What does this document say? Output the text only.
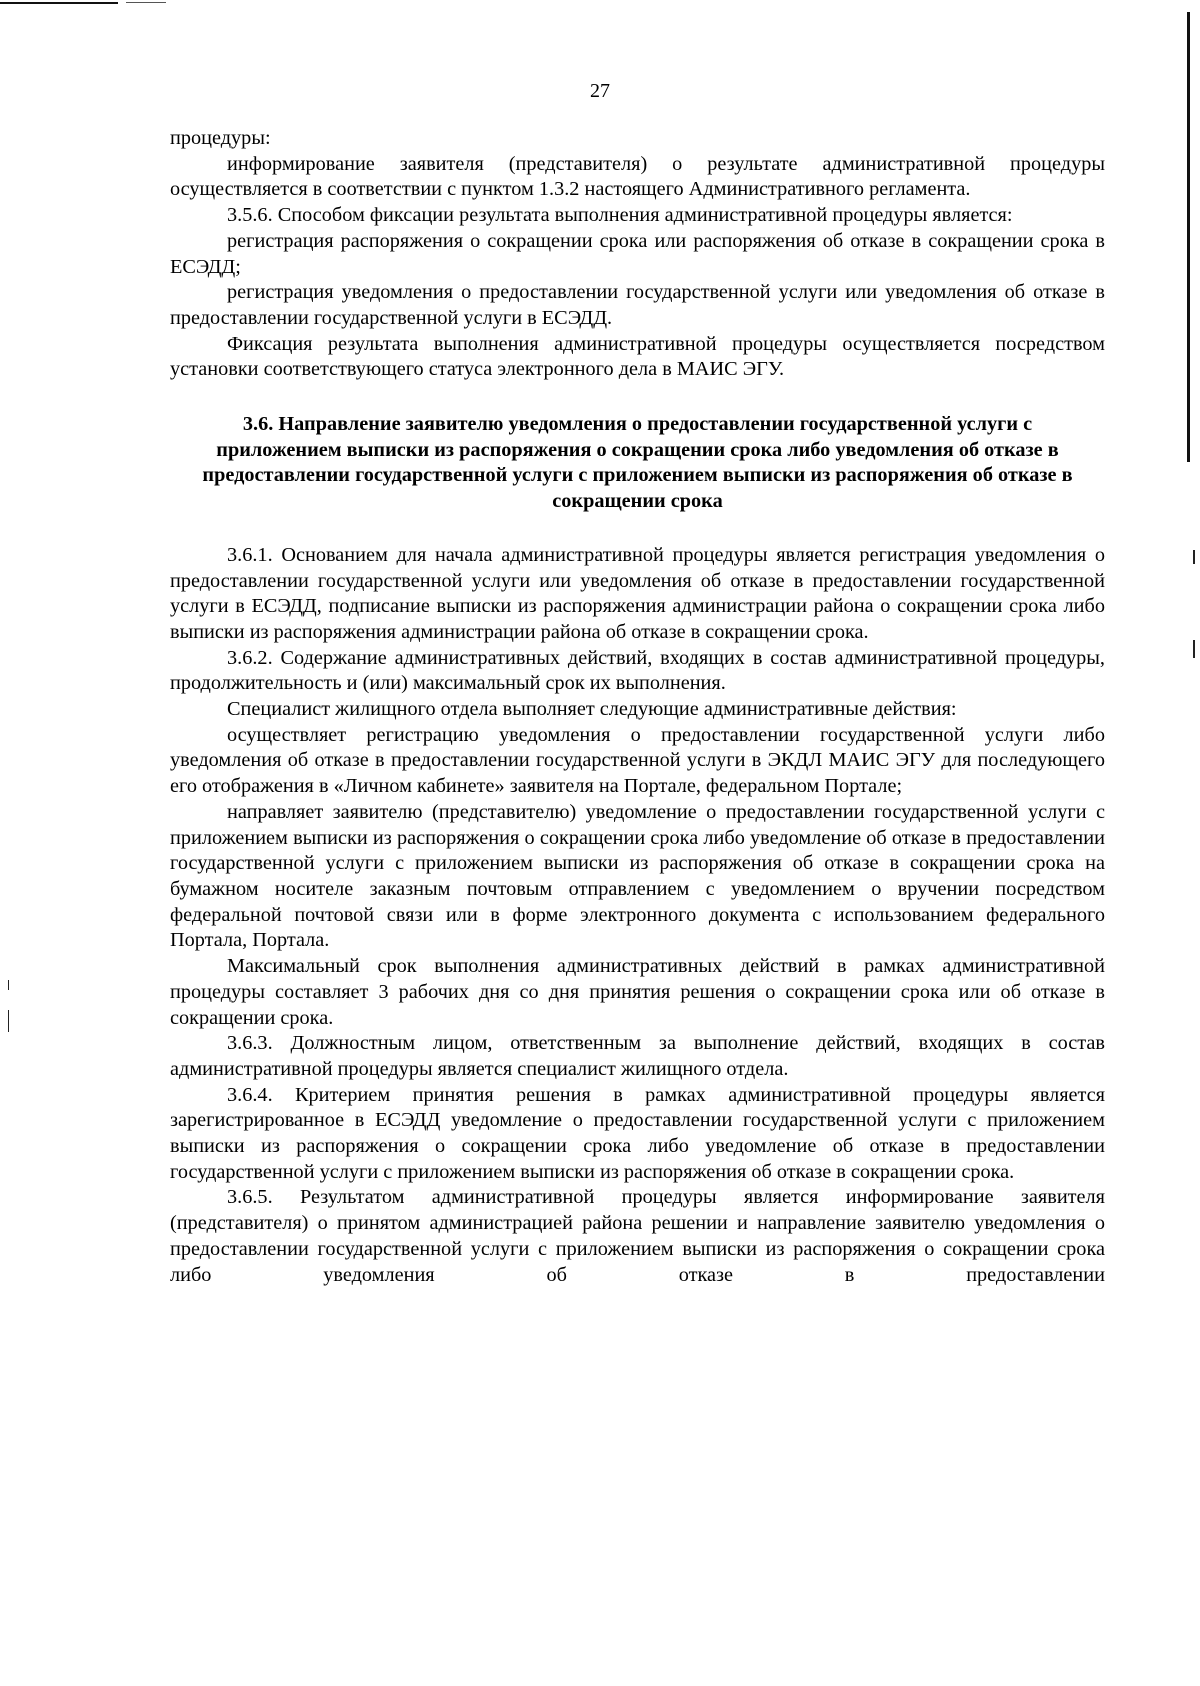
27

процедуры:

информирование заявителя (представителя) о результате административной процедуры осуществляется в соответствии с пунктом 1.3.2 настоящего Административного регламента.

3.5.6. Способом фиксации результата выполнения административной процедуры является:

регистрация распоряжения о сокращении срока или распоряжения об отказе в сокращении срока в ЕСЭДД;

регистрация уведомления о предоставлении государственной услуги или уведомления об отказе в предоставлении государственной услуги в ЕСЭДД.

Фиксация результата выполнения административной процедуры осуществляется посредством установки соответствующего статуса электронного дела в МАИС ЭГУ.

3.6. Направление заявителю уведомления о предоставлении государственной услуги с приложением выписки из распоряжения о сокращении срока либо уведомления об отказе в предоставлении государственной услуги с приложением выписки из распоряжения об отказе в сокращении срока

3.6.1. Основанием для начала административной процедуры является регистрация уведомления о предоставлении государственной услуги или уведомления об отказе в предоставлении государственной услуги в ЕСЭДД, подписание выписки из распоряжения администрации района о сокращении срока либо выписки из распоряжения администрации района об отказе в сокращении срока.

3.6.2. Содержание административных действий, входящих в состав административной процедуры, продолжительность и (или) максимальный срок их выполнения.

Специалист жилищного отдела выполняет следующие административные действия:

осуществляет регистрацию уведомления о предоставлении государственной услуги либо уведомления об отказе в предоставлении государственной услуги в ЭКДЛ МАИС ЭГУ для последующего его отображения в «Личном кабинете» заявителя на Портале, федеральном Портале;

направляет заявителю (представителю) уведомление о предоставлении государственной услуги с приложением выписки из распоряжения о сокращении срока либо уведомление об отказе в предоставлении государственной услуги с приложением выписки из распоряжения об отказе в сокращении срока на бумажном носителе заказным почтовым отправлением с уведомлением о вручении посредством федеральной почтовой связи или в форме электронного документа с использованием федерального Портала, Портала.

Максимальный срок выполнения административных действий в рамках административной процедуры составляет 3 рабочих дня со дня принятия решения о сокращении срока или об отказе в сокращении срока.

3.6.3. Должностным лицом, ответственным за выполнение действий, входящих в состав административной процедуры является специалист жилищного отдела.

3.6.4. Критерием принятия решения в рамках административной процедуры является зарегистрированное в ЕСЭДД уведомление о предоставлении государственной услуги с приложением выписки из распоряжения о сокращении срока либо уведомление об отказе в предоставлении государственной услуги с приложением выписки из распоряжения об отказе в сокращении срока.

3.6.5. Результатом административной процедуры является информирование заявителя (представителя) о принятом администрацией района решении и направление заявителю уведомления о предоставлении государственной услуги с приложением выписки из распоряжения о сокращении срока либо уведомления об отказе в предоставлении
